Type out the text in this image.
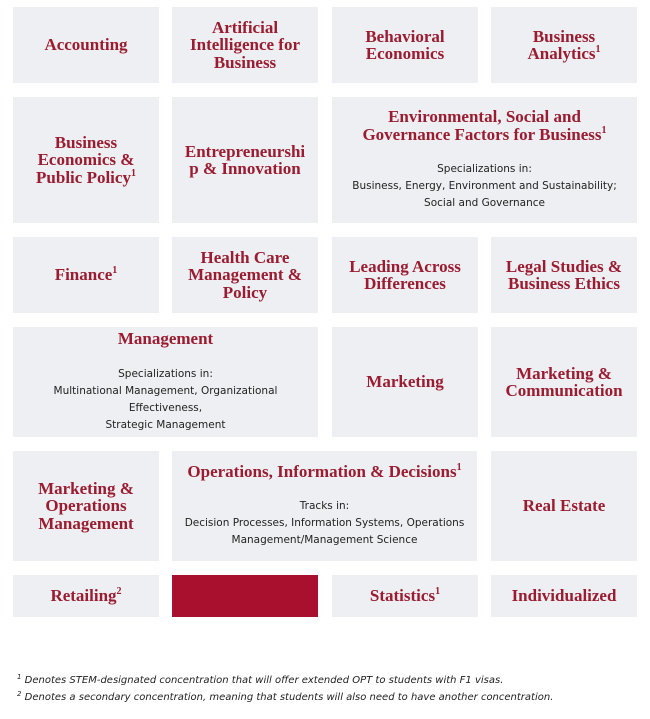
Accounting
Artificial
Intelligence for
Business
Behavioral
Economics
Business
Analytics$^1$
Business
Economics &
Public Policy$^1$
Entrepreneurshi
p & Innovation
Environmental, Social and
Governance Factors for Business$^1$
Specializations in:
Business, Energy, Environment and Sustainability;
Social and Governance
Finance$^1$
Health Care
Management &
Policy
Leading Across
Differences
Legal Studies &
Business Ethics
Management
Specializations in:
Multinational Management, Organizational Effectiveness,
Strategic Management
Marketing	Marketing &
Communication
Marketing &
Operations
Management
Operations, Information & Decisions$^1$
Tracks in:
Decision Processes, Information Systems, Operations
Management/Management Science
Real Estate
Retailing$^2$	Statistics$^1$	Individualized
$^1$ Denotes STEM-designated concentration that will offer extended OPT to students with F1 visas.
$^2$ Denotes a secondary concentration, meaning that students will also need to have another concentration.
